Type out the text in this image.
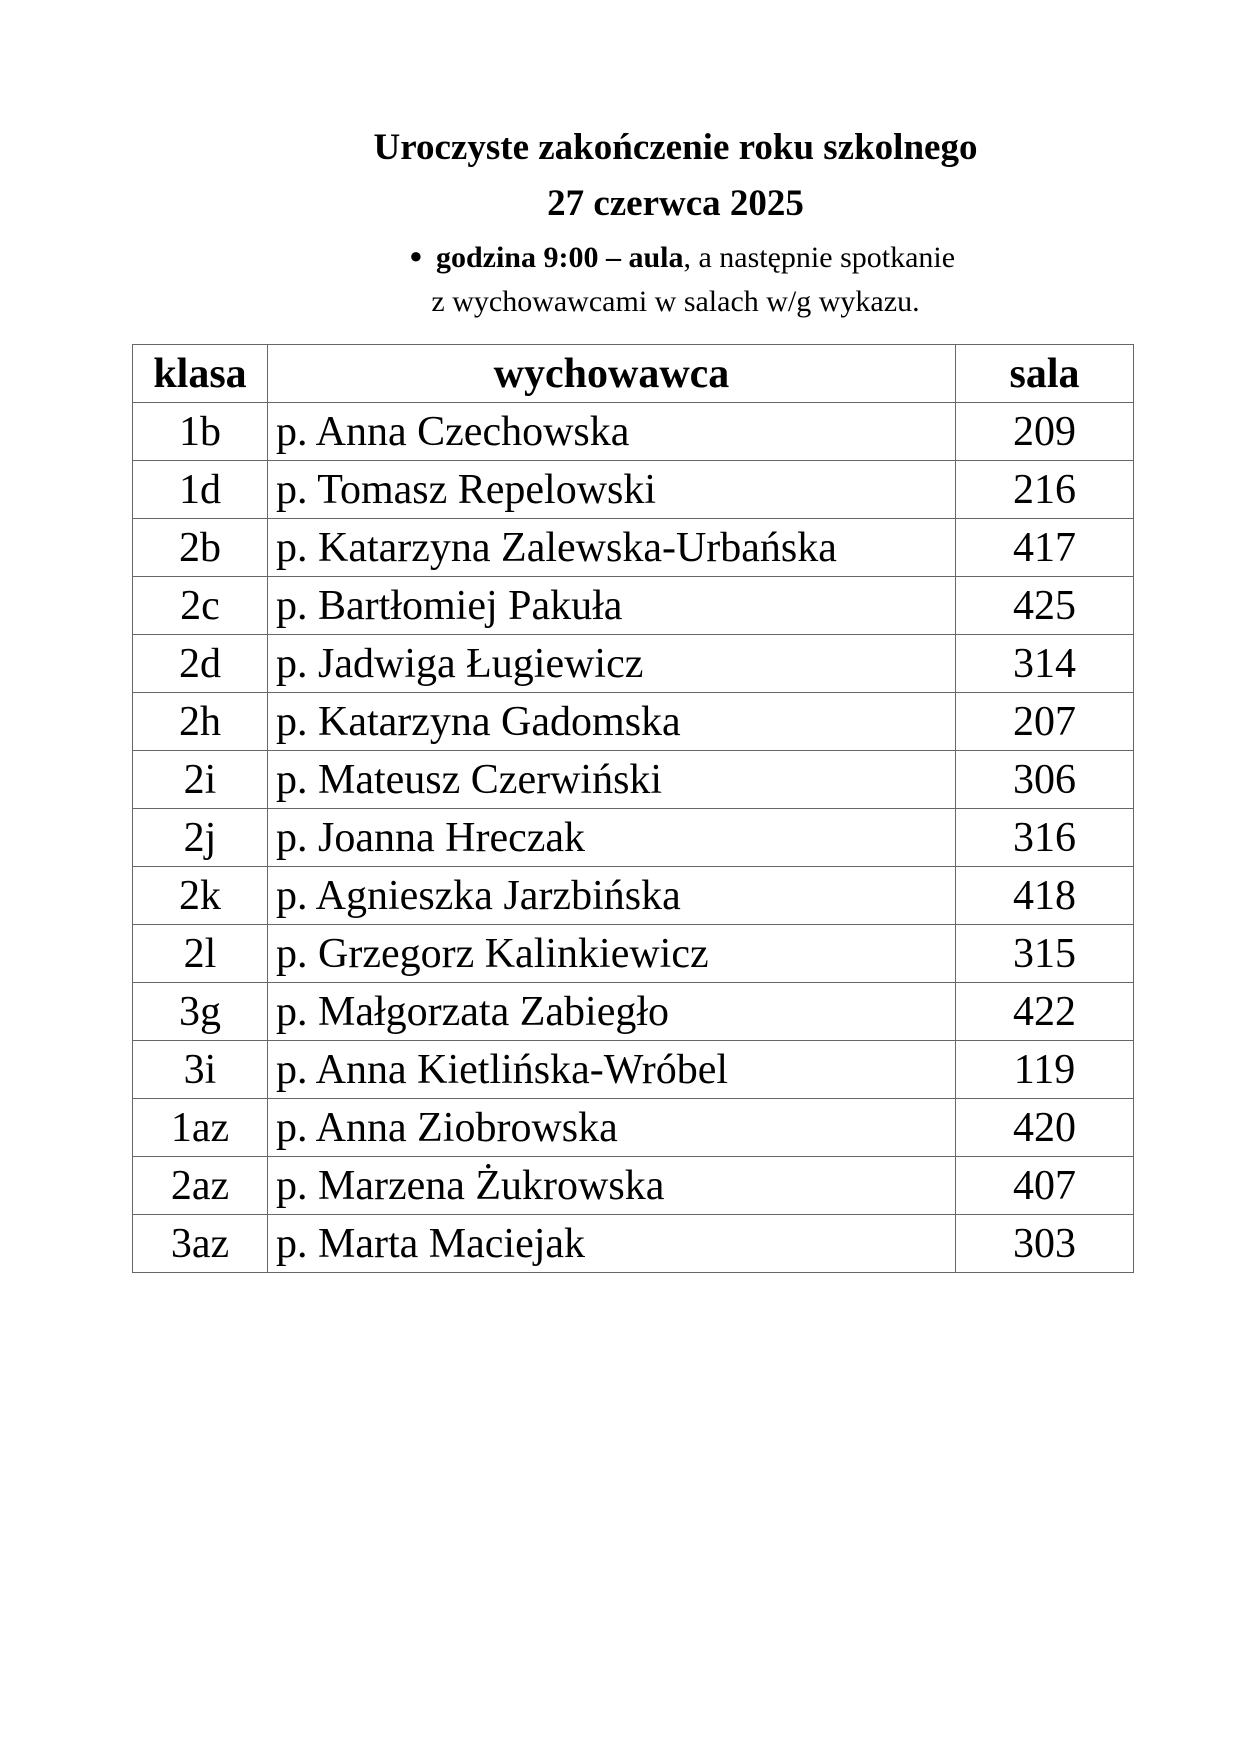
Uroczyste zakończenie roku szkolnego
27 czerwca 2025
● godzina 9:00 – aula, a następnie spotkanie
z wychowawcami w salach w/g wykazu.
klasa	wychowawca	sala
1b	p. Anna Czechowska	209
1d	p. Tomasz Repelowski	216
2b	p. Katarzyna Zalewska-Urbańska	417
2c	p. Bartłomiej Pakuła	425
2d	p. Jadwiga Ługiewicz	314
2h	p. Katarzyna Gadomska	207
2i	p. Mateusz Czerwiński	306
2j	p. Joanna Hreczak	316
2k	p. Agnieszka Jarzbińska	418
2l	p. Grzegorz Kalinkiewicz	315
3g	p. Małgorzata Zabiegło	422
3i	p. Anna Kietlińska-Wróbel	119
1az	p. Anna Ziobrowska	420
2az	p. Marzena Żukrowska	407
3az	p. Marta Maciejak	303
